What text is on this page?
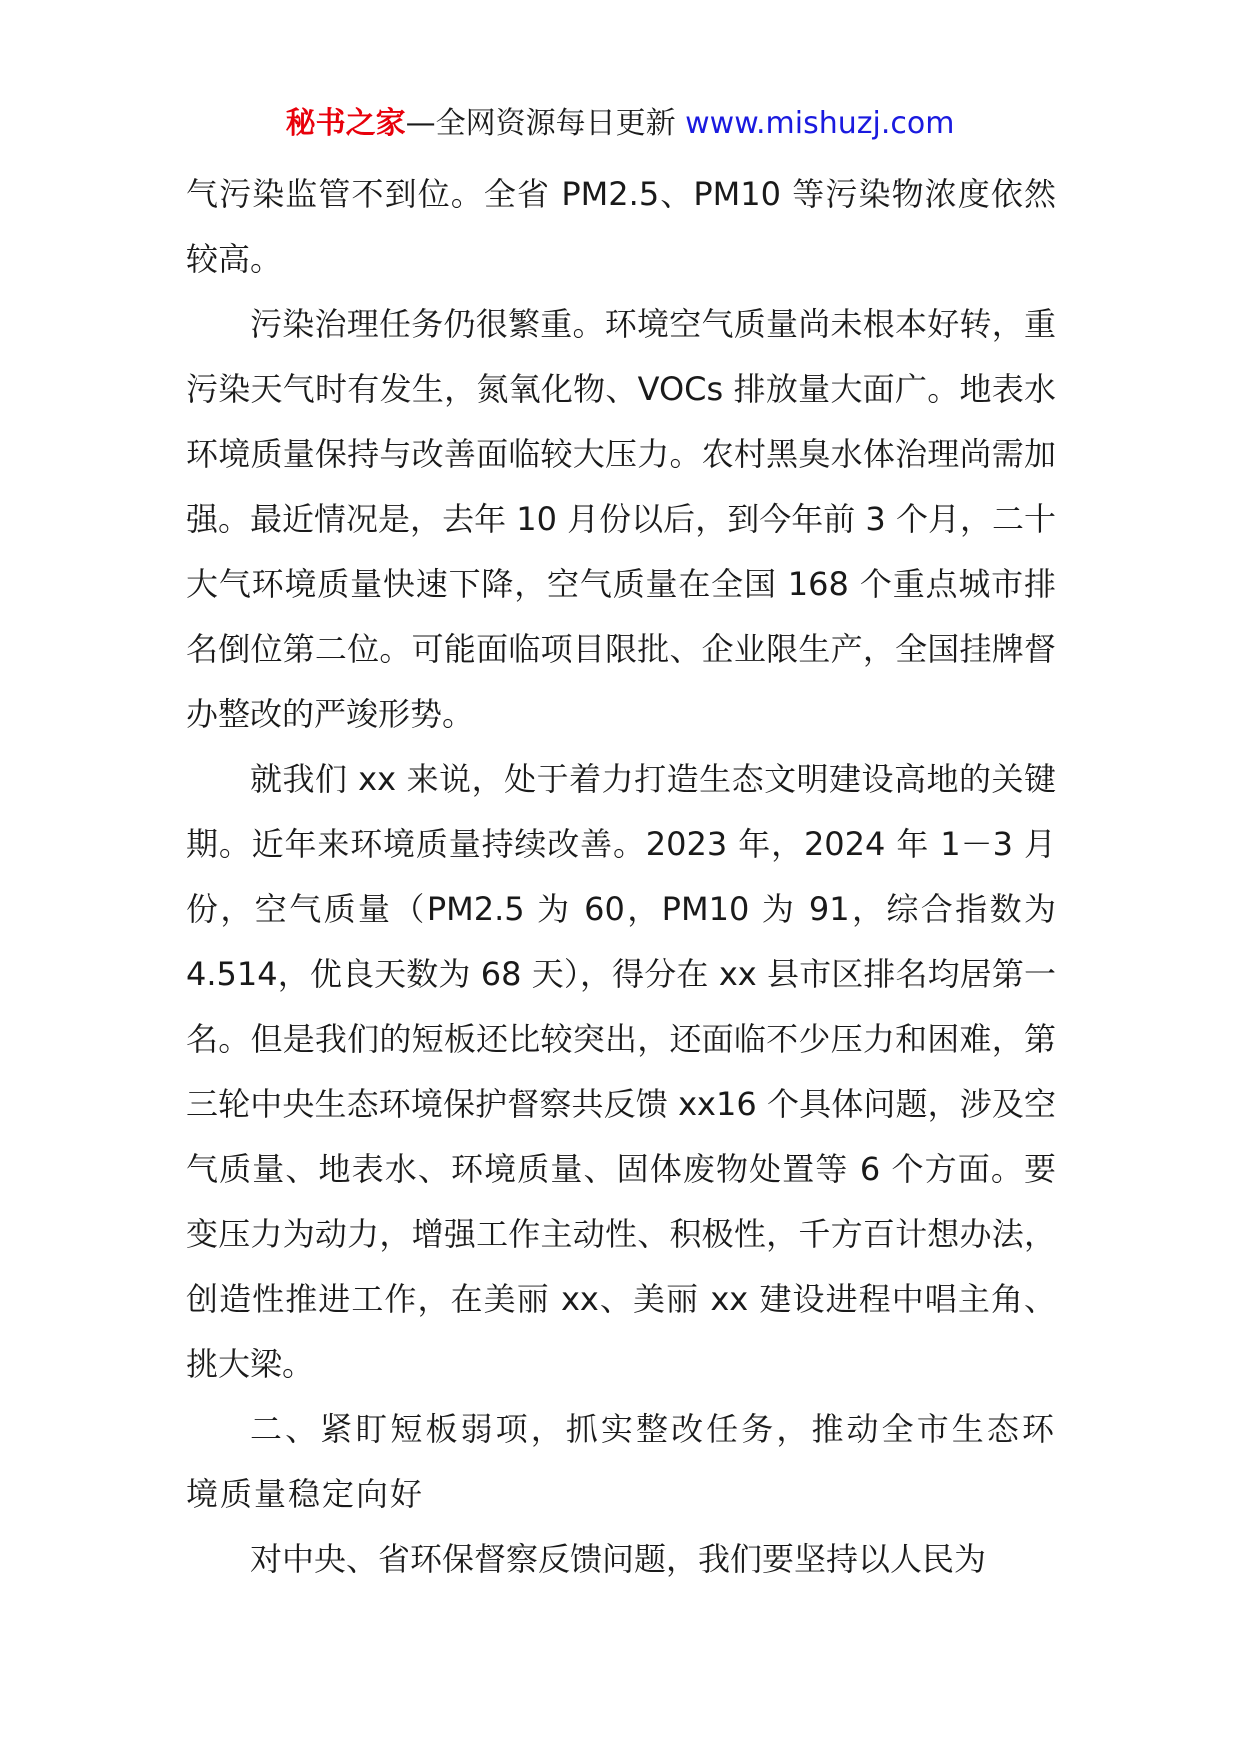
秘书之家—全网资源每日更新 www.mishuzj.com

气污染监管不到位。全省 PM2.5、PM10 等污染物浓度依然较高。

污染治理任务仍很繁重。环境空气质量尚未根本好转，重污染天气时有发生，氮氧化物、VOCs 排放量大面广。地表水环境质量保持与改善面临较大压力。农村黑臭水体治理尚需加强。最近情况是，去年 10 月份以后，到今年前 3 个月，二十大气环境质量快速下降，空气质量在全国 168 个重点城市排名倒位第二位。可能面临项目限批、企业限生产，全国挂牌督办整改的严竣形势。

就我们 xx 来说，处于着力打造生态文明建设高地的关键期。近年来环境质量持续改善。2023 年，2024 年 1－3 月份，空气质量（PM2.5 为 60，PM10 为 91，综合指数为 4.514，优良天数为 68 天），得分在 xx 县市区排名均居第一名。但是我们的短板还比较突出，还面临不少压力和困难，第三轮中央生态环境保护督察共反馈 xx16 个具体问题，涉及空气质量、地表水、环境质量、固体废物处置等 6 个方面。要变压力为动力，增强工作主动性、积极性，千方百计想办法，创造性推进工作，在美丽 xx、美丽 xx 建设进程中唱主角、挑大梁。

二、紧盯短板弱项，抓实整改任务，推动全市生态环境质量稳定向好

对中央、省环保督察反馈问题，我们要坚持以人民为
